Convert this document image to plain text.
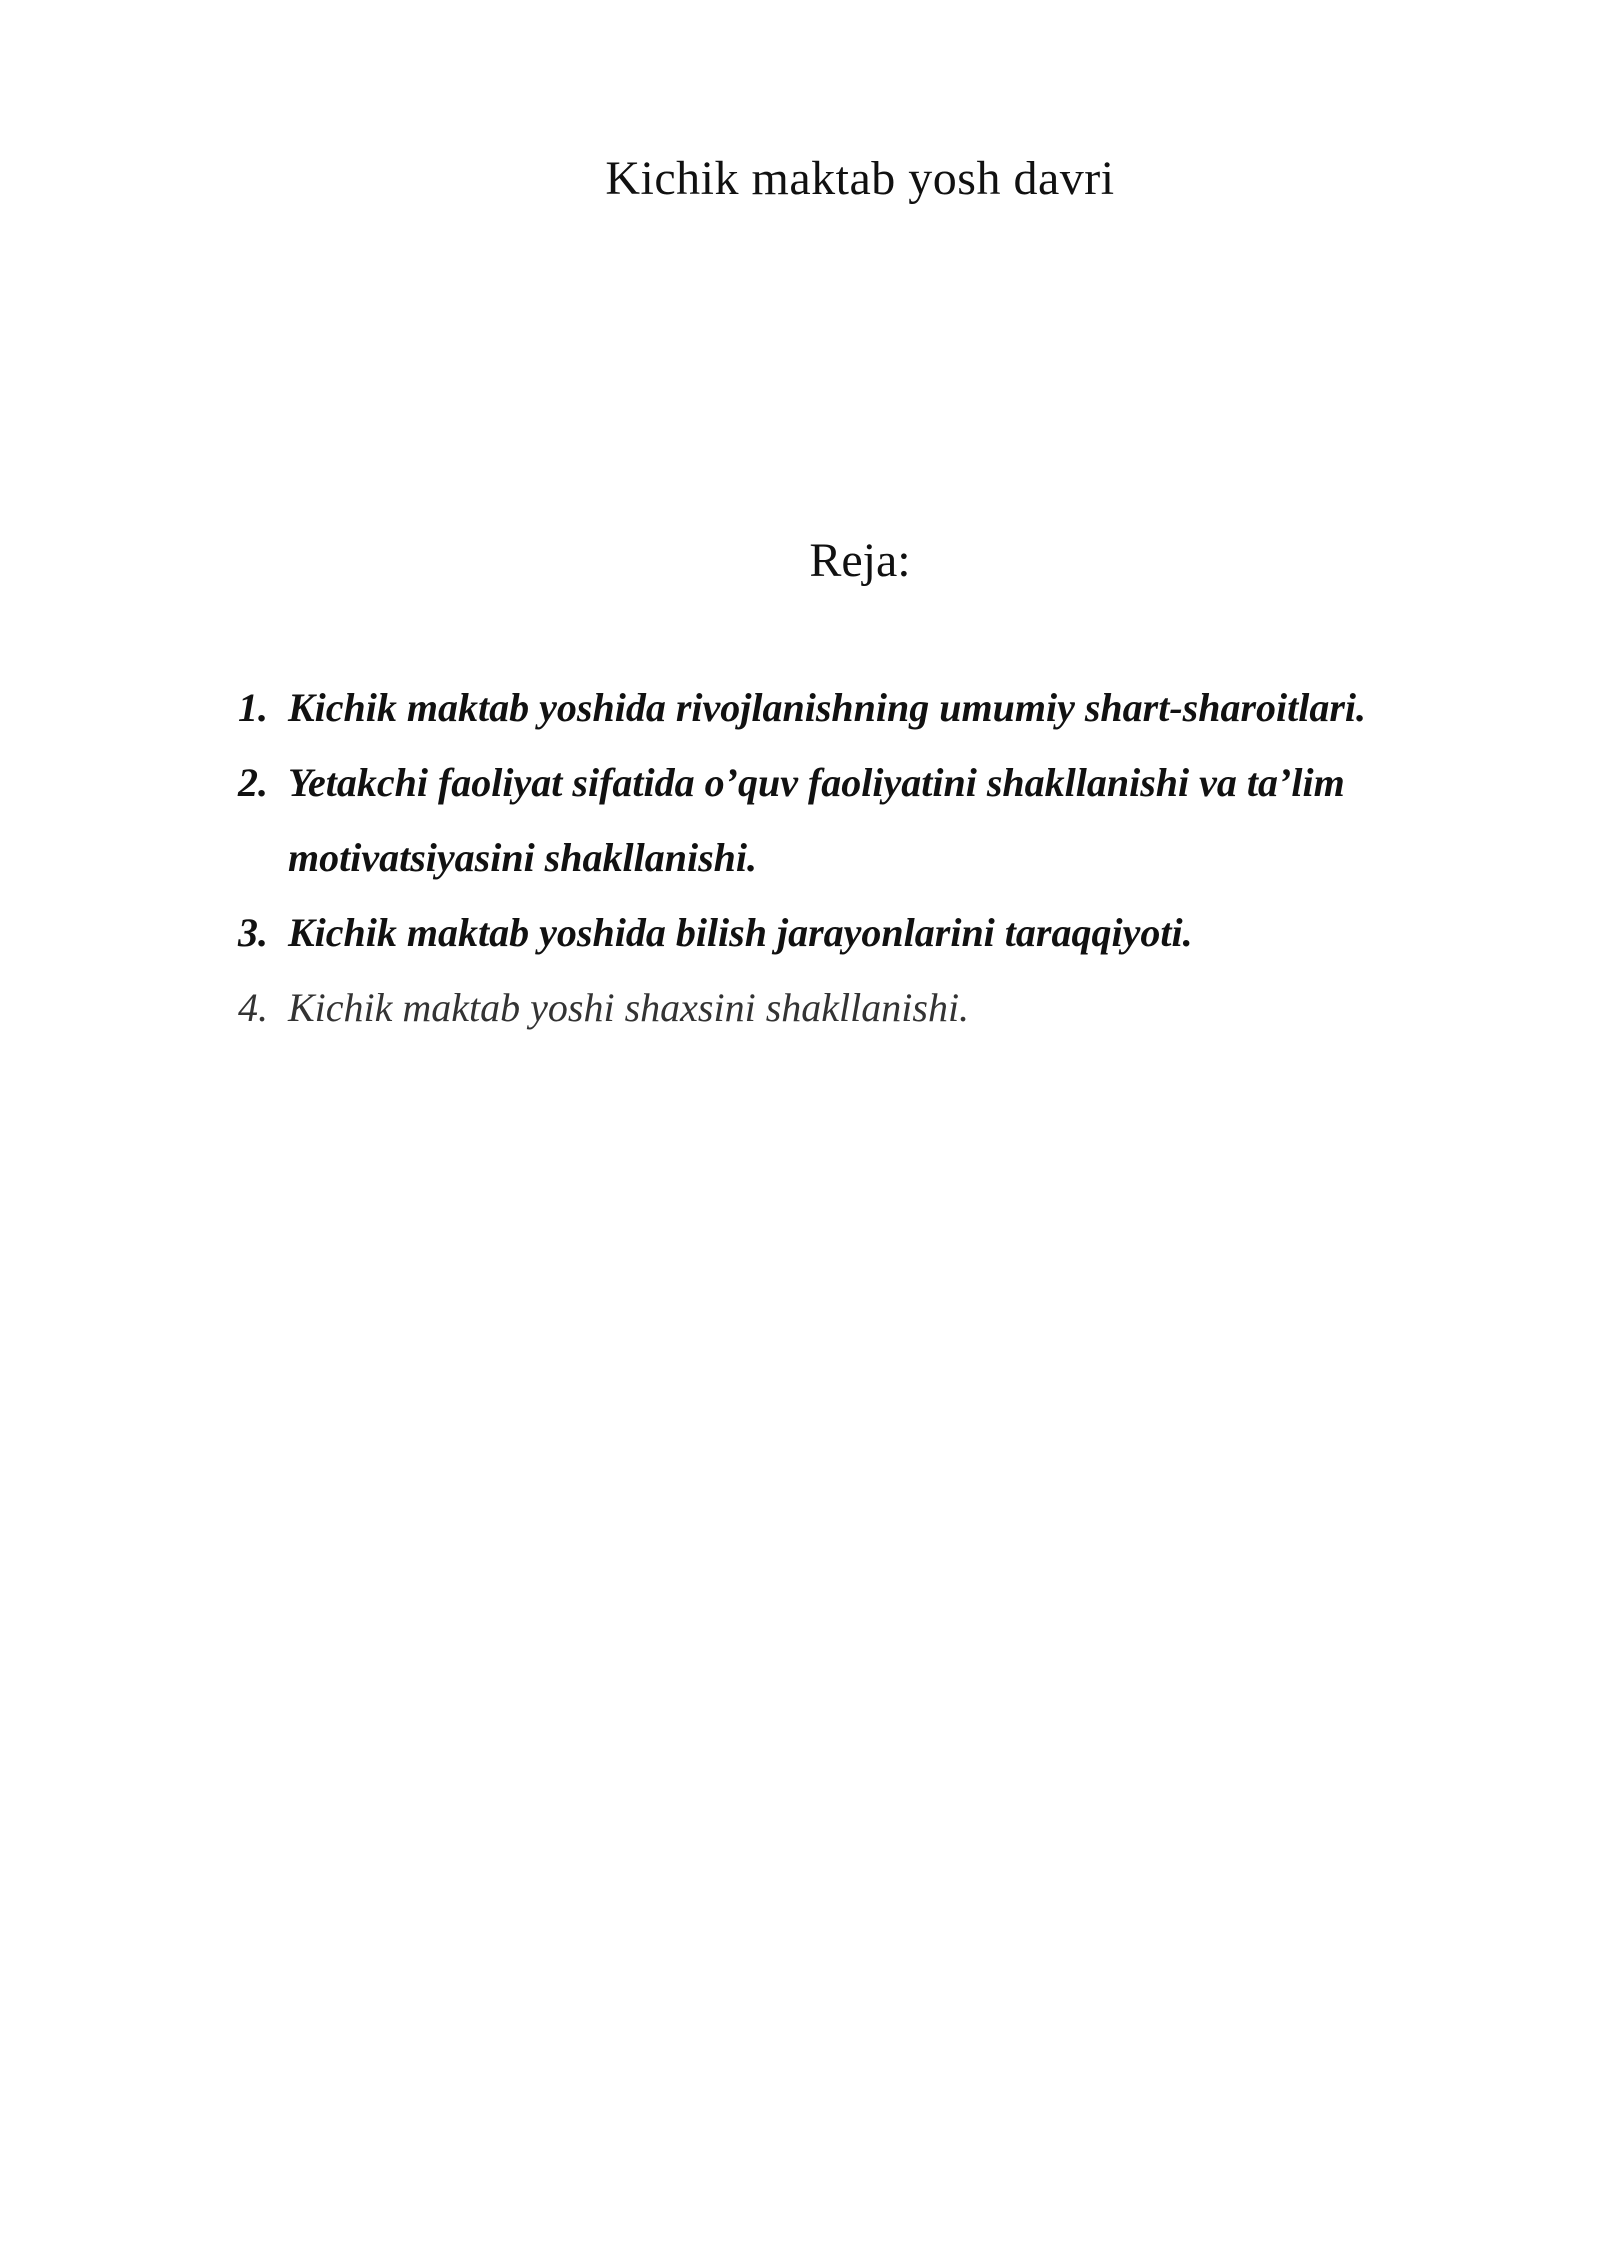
Kichik maktab yosh davri
Reja:
1. Kichik maktab yoshida rivojlanishning umumiy shart-sharoitlari.
2. Yetakchi faoliyat sifatida o’quv faoliyatini shakllanishi va ta’lim motivatsiyasini shakllanishi.
3. Kichik maktab yoshida bilish jarayonlarini taraqqiyoti.
4. Kichik maktab yoshi shaxsini shakllanishi.
